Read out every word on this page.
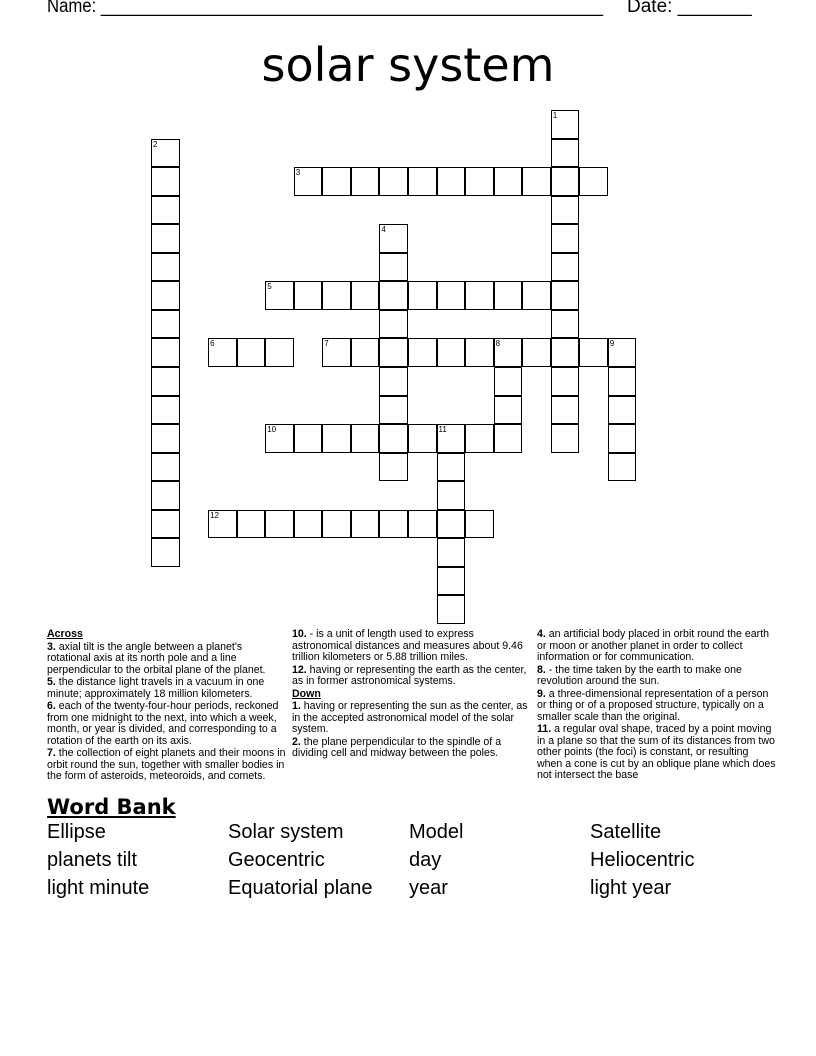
Name: ______________________________________________________ Date: _______
solar system
1
2
3
4
5
6	7	8	9
10	11
12

Across

3. axial tilt is the angle between a planet's rotational axis at its north pole and a line perpendicular to the orbital plane of the planet.

5. the distance light travels in a vacuum in one minute; approximately 18 million kilometers.

6. each of the twenty-four-hour periods, reckoned from one midnight to the next, into which a week, month, or year is divided, and corresponding to a rotation of the earth on its axis.

7. the collection of eight planets and their moons in orbit round the sun, together with smaller bodies in the form of asteroids, meteoroids, and comets.

10. - is a unit of length used to express astronomical distances and measures about 9.46 trillion kilometers or 5.88 trillion miles.

12. having or representing the earth as the center, as in former astronomical systems.

Down

1. having or representing the sun as the center, as in the accepted astronomical model of the solar system.

2. the plane perpendicular to the spindle of a dividing cell and midway between the poles.

4. an artificial body placed in orbit round the earth or moon or another planet in order to collect information or for communication.

8. - the time taken by the earth to make one revolution around the sun.

9. a three-dimensional representation of a person or thing or of a proposed structure, typically on a smaller scale than the original.

11. a regular oval shape, traced by a point moving in a plane so that the sum of its distances from two other points (the foci) is constant, or resulting when a cone is cut by an oblique plane which does not intersect the base

Word Bank
Ellipse	Solar system	Model	Satellite
planets tilt	Geocentric	day	Heliocentric
light minute	Equatorial plane	year	light year
